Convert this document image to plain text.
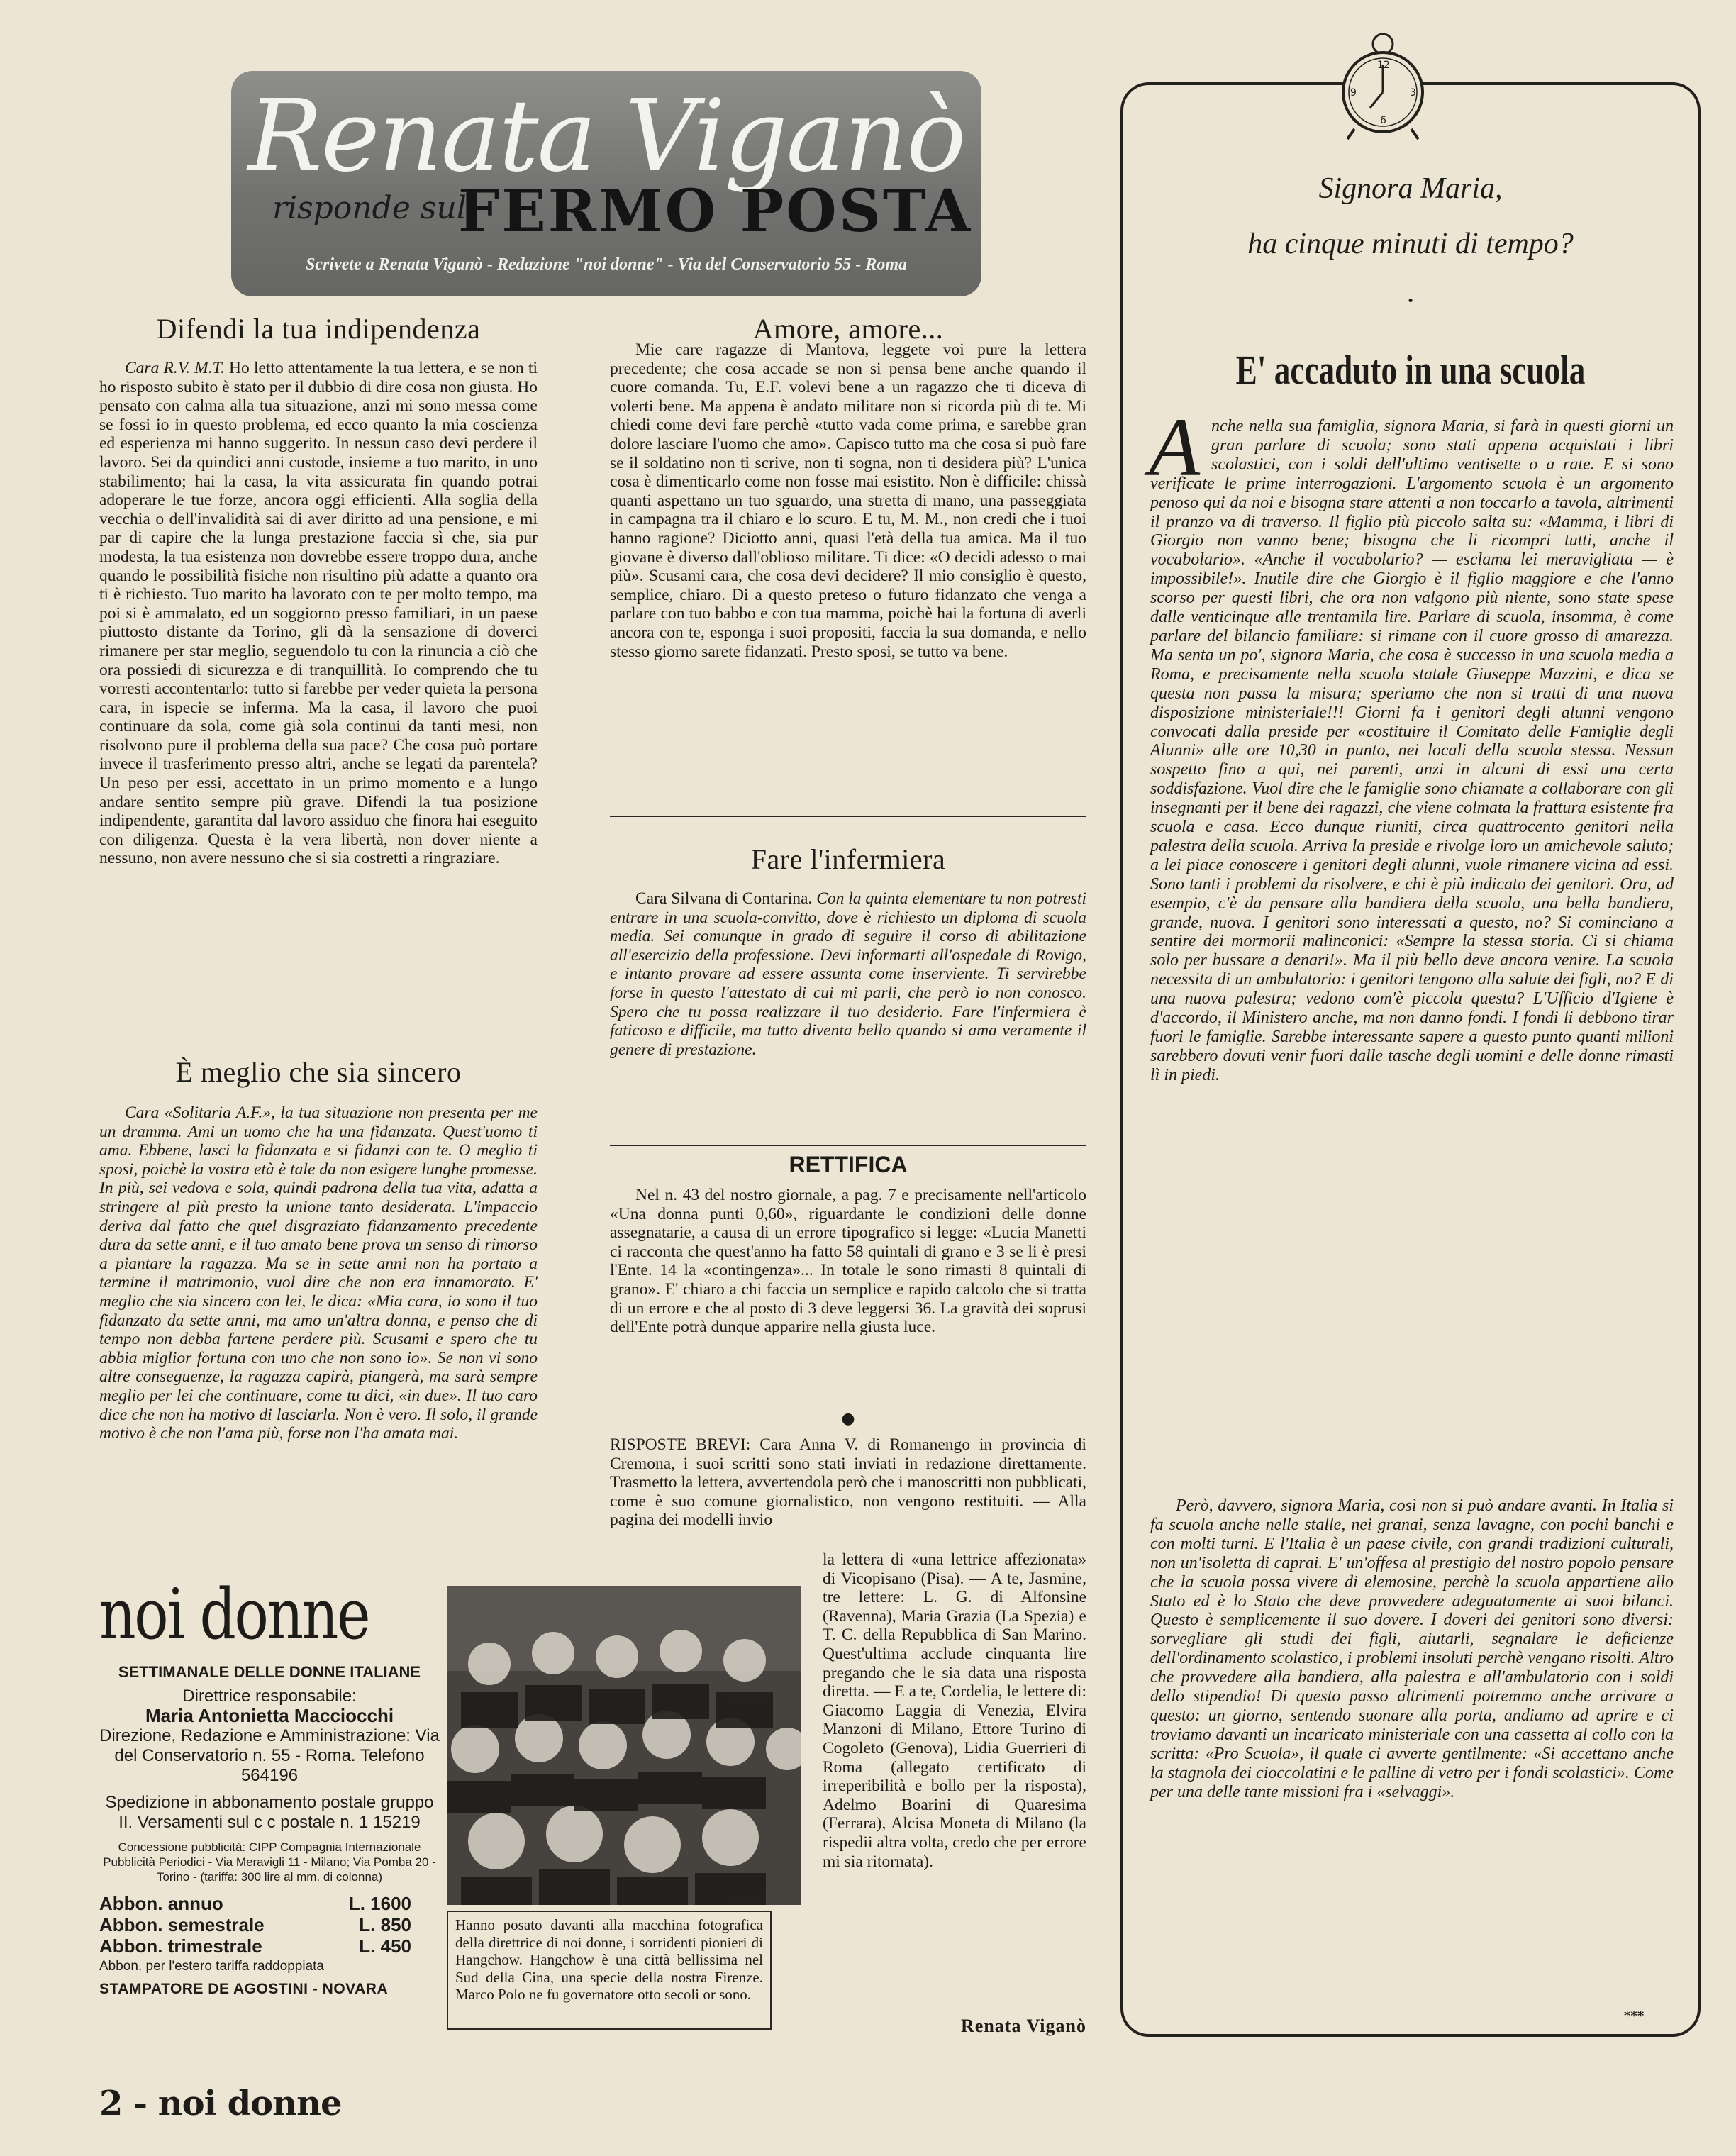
Renata Viganò
risponde sul
FERMO POSTA
Scrivete a Renata Viganò - Redazione "noi donne" - Via del Conservatorio 55 - Roma
Difendi la tua indipendenza

Cara R.V. M.T. Ho letto attentamente la tua lettera, e se non ti ho risposto subito è stato per il dubbio di dire cosa non giusta. Ho pensato con calma alla tua situazione, anzi mi sono messa come se fossi io in questo problema, ed ecco quanto la mia coscienza ed esperienza mi hanno suggerito. In nessun caso devi perdere il lavoro. Sei da quindici anni custode, insieme a tuo marito, in uno stabilimento; hai la casa, la vita assicurata fin quando potrai adoperare le tue forze, ancora oggi efficienti. Alla soglia della vecchia o dell'invalidità sai di aver diritto ad una pensione, e mi par di capire che la lunga prestazione faccia sì che, sia pur modesta, la tua esistenza non dovrebbe essere troppo dura, anche quando le possibilità fisiche non risultino più adatte a quanto ora ti è richiesto. Tuo marito ha lavorato con te per molto tempo, ma poi si è ammalato, ed un soggiorno presso familiari, in un paese piuttosto distante da Torino, gli dà la sensazione di doverci rimanere per star meglio, seguendolo tu con la rinuncia a ciò che ora possiedi di sicurezza e di tranquillità. Io comprendo che tu vorresti accontentarlo: tutto si farebbe per veder quieta la persona cara, in ispecie se inferma. Ma la casa, il lavoro che puoi continuare da sola, come già sola continui da tanti mesi, non risolvono pure il problema della sua pace? Che cosa può portare invece il trasferimento presso altri, anche se legati da parentela? Un peso per essi, accettato in un primo momento e a lungo andare sentito sempre più grave. Difendi la tua posizione indipendente, garantita dal lavoro assiduo che finora hai eseguito con diligenza. Questa è la vera libertà, non dover niente a nessuno, non avere nessuno che si sia costretti a ringraziare.

È meglio che sia sincero

Cara «Solitaria A.F.», la tua situazione non presenta per me un dramma. Ami un uomo che ha una fidanzata. Quest'uomo ti ama. Ebbene, lasci la fidanzata e si fidanzi con te. O meglio ti sposi, poichè la vostra età è tale da non esigere lunghe promesse. In più, sei vedova e sola, quindi padrona della tua vita, adatta a stringere al più presto la unione tanto desiderata. L'impaccio deriva dal fatto che quel disgraziato fidanzamento precedente dura da sette anni, e il tuo amato bene prova un senso di rimorso a piantare la ragazza. Ma se in sette anni non ha portato a termine il matrimonio, vuol dire che non era innamorato. E' meglio che sia sincero con lei, le dica: «Mia cara, io sono il tuo fidanzato da sette anni, ma amo un'altra donna, e penso che di tempo non debba fartene perdere più. Scusami e spero che tu abbia miglior fortuna con uno che non sono io». Se non vi sono altre conseguenze, la ragazza capirà, piangerà, ma sarà sempre meglio per lei che continuare, come tu dici, «in due». Il tuo caro dice che non ha motivo di lasciarla. Non è vero. Il solo, il grande motivo è che non l'ama più, forse non l'ha amata mai.

Amore, amore...

Mie care ragazze di Mantova, leggete voi pure la lettera precedente; che cosa accade se non si pensa bene anche quando il cuore comanda. Tu, E.F. volevi bene a un ragazzo che ti diceva di volerti bene. Ma appena è andato militare non si ricorda più di te. Mi chiedi come devi fare perchè «tutto vada come prima, e sarebbe gran dolore lasciare l'uomo che amo». Capisco tutto ma che cosa si può fare se il soldatino non ti scrive, non ti sogna, non ti desidera più? L'unica cosa è dimenticarlo come non fosse mai esistito. Non è difficile: chissà quanti aspettano un tuo sguardo, una stretta di mano, una passeggiata in campagna tra il chiaro e lo scuro. E tu, M. M., non credi che i tuoi hanno ragione? Diciotto anni, quasi l'età della tua amica. Ma il tuo giovane è diverso dall'oblioso militare. Ti dice: «O decidi adesso o mai più». Scusami cara, che cosa devi decidere? Il mio consiglio è questo, semplice, chiaro. Di a questo preteso o futuro fidanzato che venga a parlare con tuo babbo e con tua mamma, poichè hai la fortuna di averli ancora con te, esponga i suoi propositi, faccia la sua domanda, e nello stesso giorno sarete fidanzati. Presto sposi, se tutto va bene.

Fare l'infermiera

Cara Silvana di Contarina. Con la quinta elementare tu non potresti entrare in una scuola-convitto, dove è richiesto un diploma di scuola media. Sei comunque in grado di seguire il corso di abilitazione all'esercizio della professione. Devi informarti all'ospedale di Rovigo, e intanto provare ad essere assunta come inserviente. Ti servirebbe forse in questo l'attestato di cui mi parli, che però io non conosco. Spero che tu possa realizzare il tuo desiderio. Fare l'infermiera è faticoso e difficile, ma tutto diventa bello quando si ama veramente il genere di prestazione.

RETTIFICA

Nel n. 43 del nostro giornale, a pag. 7 e precisamente nell'articolo «Una donna punti 0,60», riguardante le condizioni delle donne assegnatarie, a causa di un errore tipografico si legge: «Lucia Manetti ci racconta che quest'anno ha fatto 58 quintali di grano e 3 se li è presi l'Ente. 14 la «contingenza»... In totale le sono rimasti 8 quintali di grano». E' chiaro a chi faccia un semplice e rapido calcolo che si tratta di un errore e che al posto di 3 deve leggersi 36. La gravità dei soprusi dell'Ente potrà dunque apparire nella giusta luce.

●

RISPOSTE BREVI: Cara Anna V. di Romanengo in provincia di Cremona, i suoi scritti sono stati inviati in redazione direttamente. Trasmetto la lettera, avvertendola però che i manoscritti non pubblicati, come è suo comune giornalistico, non vengono restituiti. — Alla pagina dei modelli invio

la lettera di «una lettrice affezionata» di Vicopisano (Pisa). — A te, Jasmine, tre lettere: L. G. di Alfonsine (Ravenna), Maria Grazia (La Spezia) e T. C. della Repubblica di San Marino. Quest'ultima acclude cinquanta lire pregando che le sia data una risposta diretta. — E a te, Cordelia, le lettere di: Giacomo Laggia di Venezia, Elvira Manzoni di Milano, Ettore Turino di Cogoleto (Genova), Lidia Guerrieri di Roma (allegato certificato di irreperibilità e bollo per la risposta), Adelmo Boarini di Quaresima (Ferrara), Alcisa Moneta di Milano (la rispedii altra volta, credo che per errore mi sia ritornata).

Renata Viganò
noi donne

SETTIMANALE DELLE DONNE ITALIANE

Direttrice responsabile:

Maria Antonietta Macciocchi

Direzione, Redazione e Amministrazione: Via del Conservatorio n. 55 - Roma. Telefono 564196

Spedizione in abbonamento postale gruppo II. Versamenti sul c c postale n. 1 15219

Concessione pubblicità: CIPP Compagnia Internazionale Pubblicità Periodici - Via Meravigli 11 - Milano; Via Pomba 20 - Torino - (tariffa: 300 lire al mm. di colonna)

Abbon. annuo	L. 1600
Abbon. semestrale	L. 850
Abbon. trimestrale	L. 450

Abbon. per l'estero tariffa raddoppiata

STAMPATORE DE AGOSTINI - NOVARA

Hanno posato davanti alla macchina fotografica della direttrice di noi donne, i sorridenti pionieri di Hangchow. Hangchow è una città bellissima nel Sud della Cina, una specie della nostra Firenze. Marco Polo ne fu governatore otto secoli or sono.

12
3
6
9
Signora Maria,
ha cinque minuti di tempo?
•
E' accaduto in una scuola
A nche nella sua famiglia, signora Maria, si farà in questi giorni un gran parlare di scuola; sono stati appena acquistati i libri scolastici, con i soldi dell'ultimo ventisette o a rate. E si sono verificate le prime interrogazioni. L'argomento scuola è un argomento penoso qui da noi e bisogna stare attenti a non toccarlo a tavola, altrimenti il pranzo va di traverso. Il figlio più piccolo salta su: «Mamma, i libri di Giorgio non vanno bene; bisogna che li ricompri tutti, anche il vocabolario». «Anche il vocabolario? — esclama lei meravigliata — è impossibile!». Inutile dire che Giorgio è il figlio maggiore e che l'anno scorso per questi libri, che ora non valgono più niente, sono state spese dalle venticinque alle trentamila lire. Parlare di scuola, insomma, è come parlare del bilancio familiare: si rimane con il cuore grosso di amarezza. Ma senta un po', signora Maria, che cosa è successo in una scuola media a Roma, e precisamente nella scuola statale Giuseppe Mazzini, e dica se questa non passa la misura; speriamo che non si tratti di una nuova disposizione ministeriale!!! Giorni fa i genitori degli alunni vengono convocati dalla preside per «costituire il Comitato delle Famiglie degli Alunni» alle ore 10,30 in punto, nei locali della scuola stessa. Nessun sospetto fino a qui, nei parenti, anzi in alcuni di essi una certa soddisfazione. Vuol dire che le famiglie sono chiamate a collaborare con gli insegnanti per il bene dei ragazzi, che viene colmata la frattura esistente fra scuola e casa. Ecco dunque riuniti, circa quattrocento genitori nella palestra della scuola. Arriva la preside e rivolge loro un amichevole saluto; a lei piace conoscere i genitori degli alunni, vuole rimanere vicina ad essi. Sono tanti i problemi da risolvere, e chi è più indicato dei genitori. Ora, ad esempio, c'è da pensare alla bandiera della scuola, una bella bandiera, grande, nuova. I genitori sono interessati a questo, no? Si cominciano a sentire dei mormorii malinconici: «Sempre la stessa storia. Ci si chiama solo per bussare a denari!». Ma il più bello deve ancora venire. La scuola necessita di un ambulatorio: i genitori tengono alla salute dei figli, no? E di una nuova palestra; vedono com'è piccola questa? L'Ufficio d'Igiene è d'accordo, il Ministero anche, ma non danno fondi. I fondi li debbono tirar fuori le famiglie. Sarebbe interessante sapere a questo punto quanti milioni sarebbero dovuti venir fuori dalle tasche degli uomini e delle donne rimasti lì in piedi.

Però, davvero, signora Maria, così non si può andare avanti. In Italia si fa scuola anche nelle stalle, nei granai, senza lavagne, con pochi banchi e con molti turni. E l'Italia è un paese civile, con grandi tradizioni culturali, non un'isoletta di caprai. E' un'offesa al prestigio del nostro popolo pensare che la scuola possa vivere di elemosine, perchè la scuola appartiene allo Stato ed è lo Stato che deve provvedere adeguatamente ai suoi bilanci. Questo è semplicemente il suo dovere. I doveri dei genitori sono diversi: sorvegliare gli studi dei figli, aiutarli, segnalare le deficienze dell'ordinamento scolastico, i problemi insoluti perchè vengano risolti. Altro che provvedere alla bandiera, alla palestra e all'ambulatorio con i soldi dello stipendio! Di questo passo altrimenti potremmo anche arrivare a questo: un giorno, sentendo suonare alla porta, andiamo ad aprire e ci troviamo davanti un incaricato ministeriale con una cassetta al collo con la scritta: «Pro Scuola», il quale ci avverte gentilmente: «Si accettano anche la stagnola dei cioccolatini e le palline di vetro per i fondi scolastici». Come per una delle tante missioni fra i «selvaggi».

***
2 - noi donne
